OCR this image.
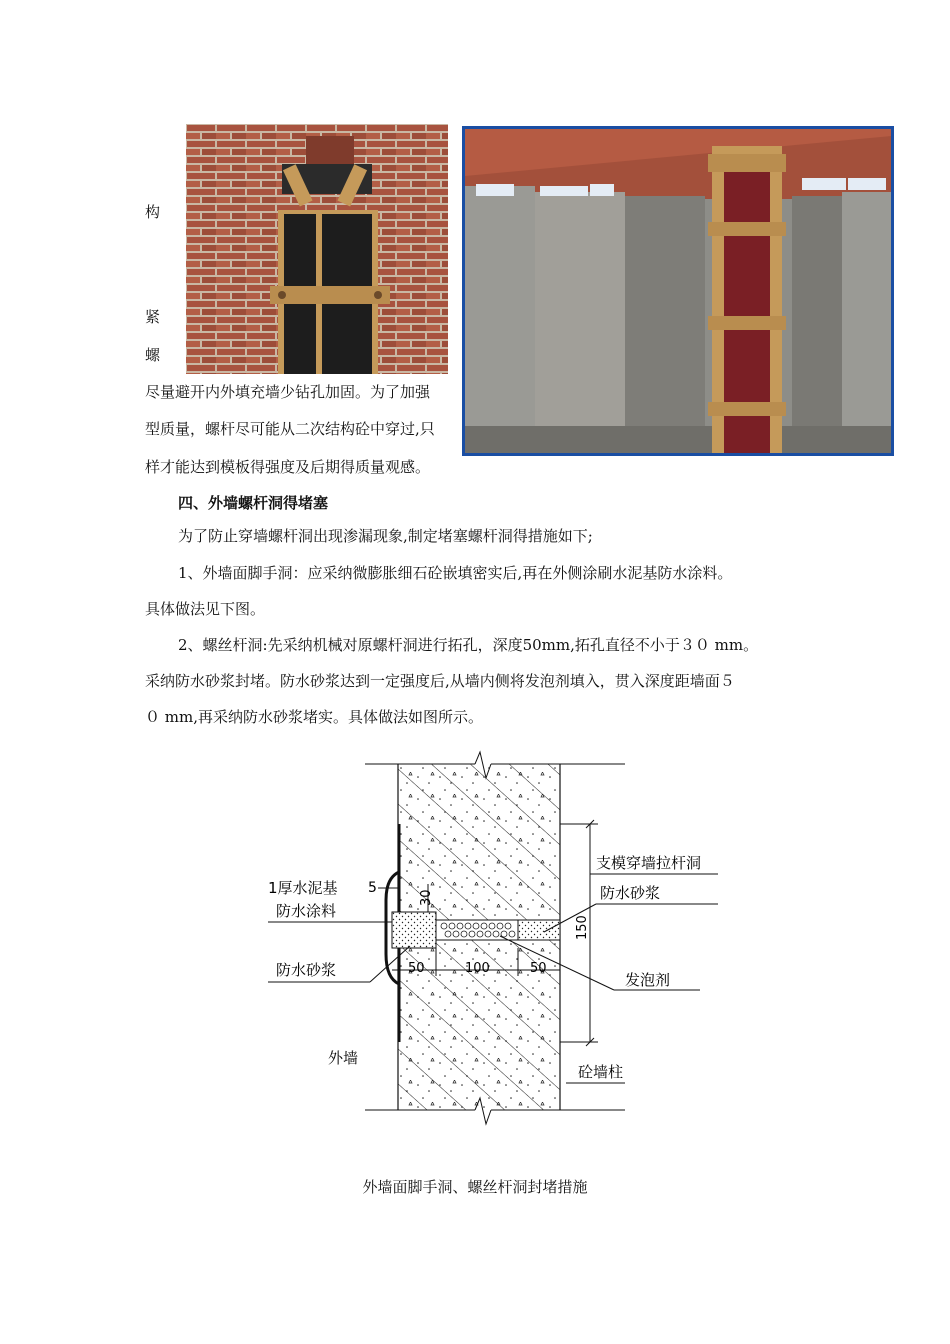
构
紧
螺
尽量避开内外填充墙少钻孔加固。为了加强
型质量，螺杆尽可能从二次结构砼中穿过,只
样才能达到模板得强度及后期得质量观感。
四、外墙螺杆洞得堵塞
为了防止穿墙螺杆洞出现渗漏现象,制定堵塞螺杆洞得措施如下;
1、外墙面脚手洞：应采纳微膨胀细石砼嵌填密实后,再在外侧涂刷水泥基防水涂料。
具体做法见下图。
2、螺丝杆洞:先采纳机械对原螺杆洞进行拓孔，深度50mm,拓孔直径不小于３０ mm。
采纳防水砂浆封堵。防水砂浆达到一定强度后,从墙内侧将发泡剂填入，贯入深度距墙面５
０ mm,再采纳防水砂浆堵实。具体做法如图所示。
150
30
50	100	50
5
1厚水泥基
防水涂料
防水砂浆
外墙
支模穿墙拉杆洞
防水砂浆
发泡剂
砼墙柱
外墙面脚手洞、螺丝杆洞封堵措施
